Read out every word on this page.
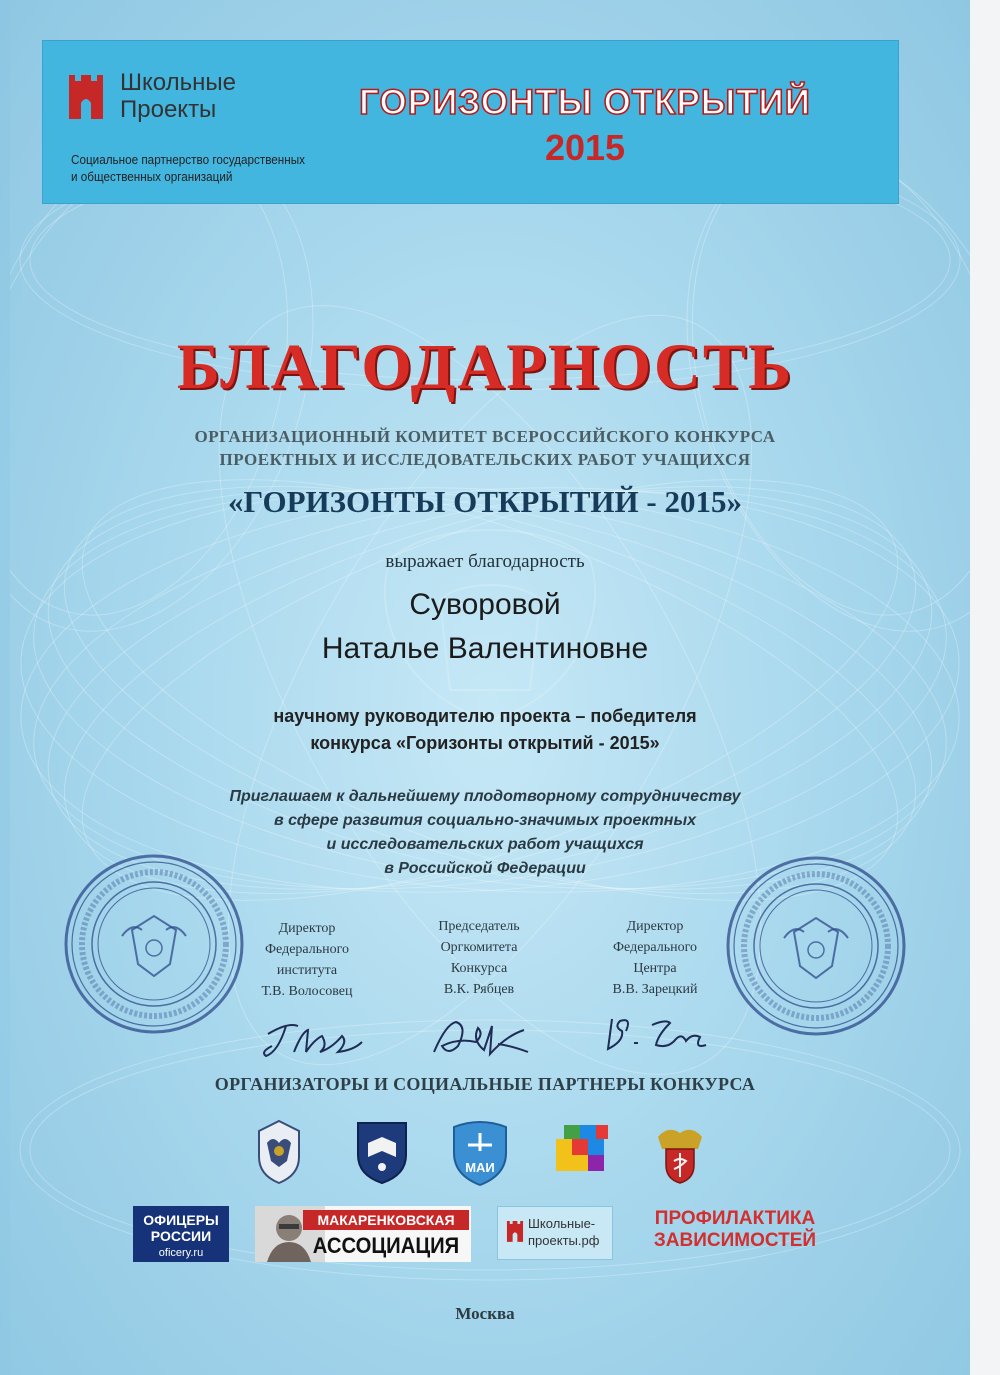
Школьные
Проекты
Социальное партнерство государственных
и общественных организаций
ГОРИЗОНТЫ ОТКРЫТИЙ
2015
БЛАГОДАРНОСТЬ
ОРГАНИЗАЦИОННЫЙ КОМИТЕТ ВСЕРОССИЙСКОГО КОНКУРСА
ПРОЕКТНЫХ И ИССЛЕДОВАТЕЛЬСКИХ РАБОТ УЧАЩИХСЯ
«ГОРИЗОНТЫ ОТКРЫТИЙ - 2015»
выражает благодарность
Суворовой
Наталье Валентиновне
научному руководителю проекта – победителя
конкурса «Горизонты открытий - 2015»
Приглашаем к дальнейшему плодотворному сотрудничеству
в сфере развития социально-значимых проектных
и исследовательских работ учащихся
в Российской Федерации
Директор
Федерального
института
Т.В. Волосовец
Председатель
Оргкомитета
Конкурса
В.К. Рябцев
Директор
Федерального
Центра
В.В. Зарецкий
ОРГАНИЗАТОРЫ И СОЦИАЛЬНЫЕ ПАРТНЕРЫ КОНКУРСА
МАИ
ОФИЦЕРЫ
РОССИИ
oficery.ru
МАКАРЕНКОВСКАЯ
АССОЦИАЦИЯ
Школьные-
проекты.рф
ПРОФИЛАКТИКА
ЗАВИСИМОСТЕЙ
Москва
